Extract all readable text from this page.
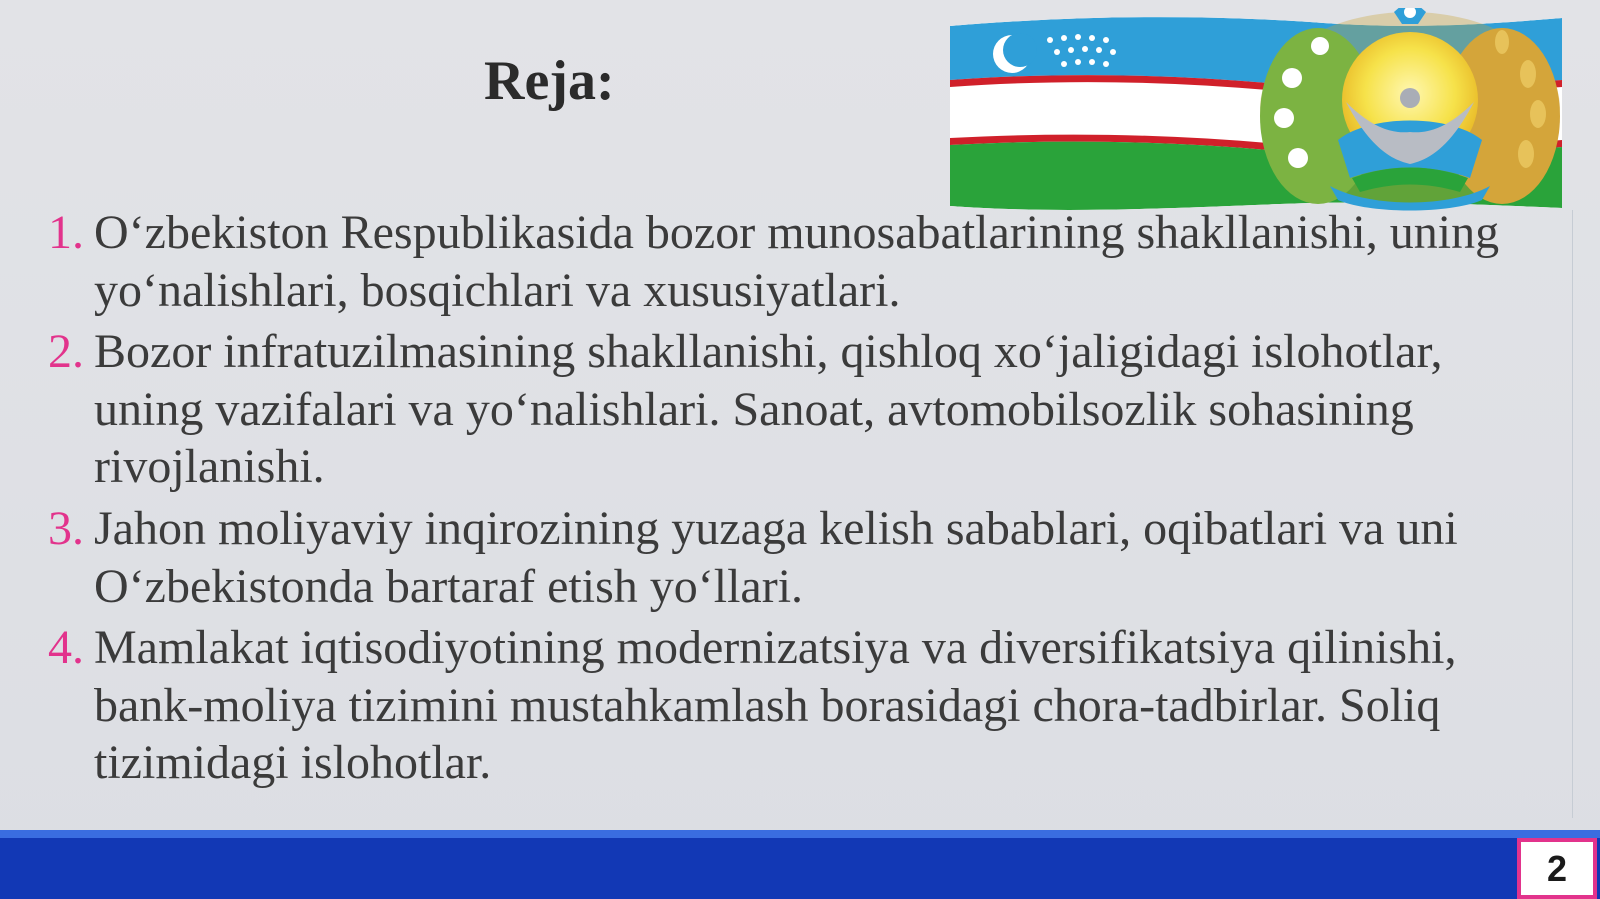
Reja:
1. O‘zbekiston Respublikasida bozor munosabatlarining shakllanishi, uning yo‘nalishlari, bosqichlari va xususiyatlari.
2. Bozor infratuzilmasining shakllanishi, qishloq xo‘jaligidagi islohotlar, uning vazifalari va yo‘nalishlari. Sanoat, avtomobilsozlik sohasining rivojlanishi.
3. Jahon moliyaviy inqirozining yuzaga kelish sabablari, oqibatlari va uni O‘zbekistonda bartaraf etish yo‘llari.
4. Mamlakat iqtisodiyotining modernizatsiya va diversifikatsiya qilinishi, bank-moliya tizimini mustahkamlash borasidagi chora-tadbirlar. Soliq tizimidagi islohotlar.
2
